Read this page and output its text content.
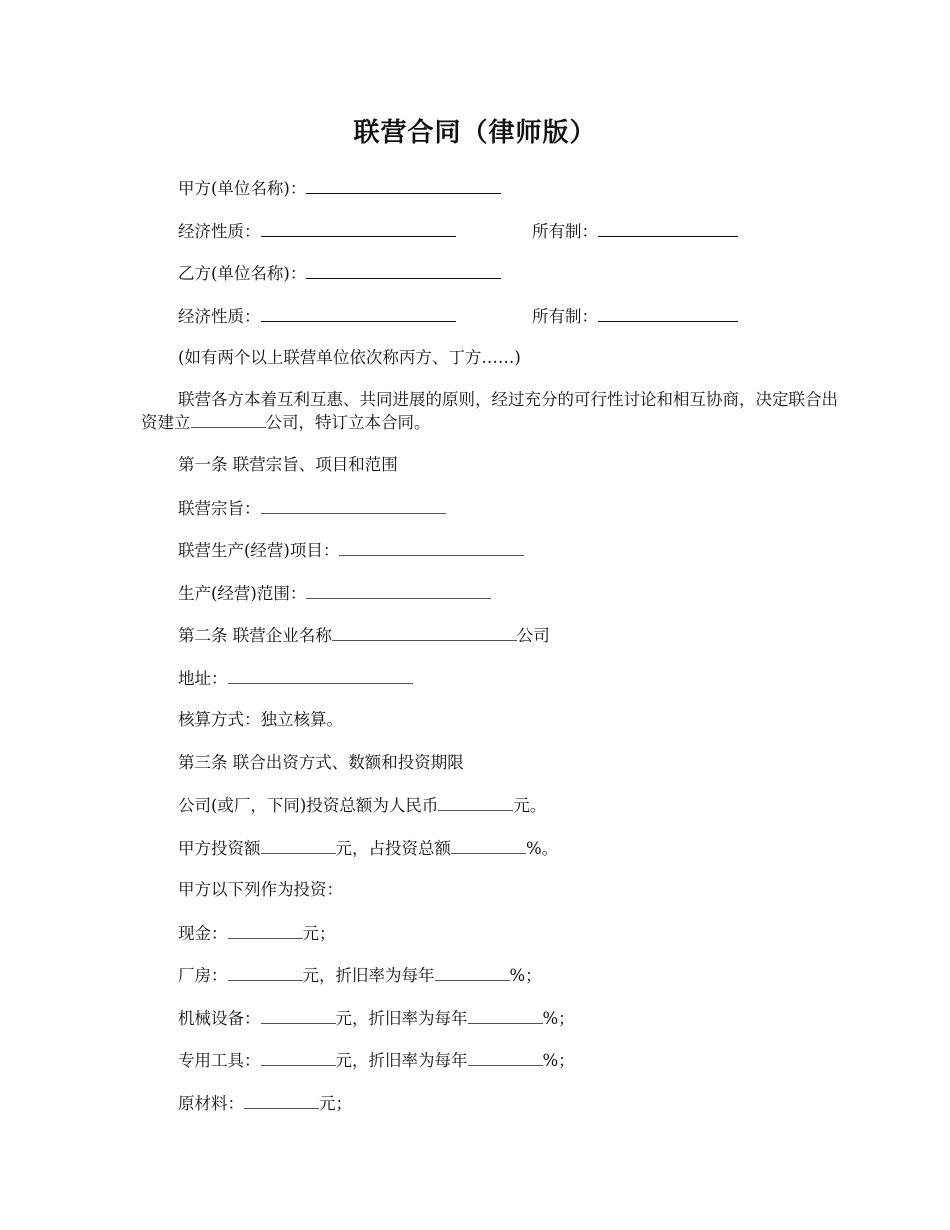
联营合同（律师版）
甲方(单位名称)：
经济性质：	所有制：
乙方(单位名称)：
经济性质：	所有制：
(如有两个以上联营单位依次称丙方、丁方……)

联营各方本着互利互惠、共同进展的原则，经过充分的可行性讨论和相互协商，决定联合出资建立	公司，特订立本合同。

第一条 联营宗旨、项目和范围
联营宗旨：
联营生产(经营)项目：
生产(经营)范围：
第二条 联营企业名称	公司
地址：
核算方式：独立核算。
第三条 联合出资方式、数额和投资期限
公司(或厂，下同)投资总额为人民币	元。
甲方投资额	元，占投资总额	%。
甲方以下列作为投资：
现金：	元；
厂房：	元，折旧率为每年	%；
机械设备：	元，折旧率为每年	%；
专用工具：	元，折旧率为每年	%；
原材料：	元；
